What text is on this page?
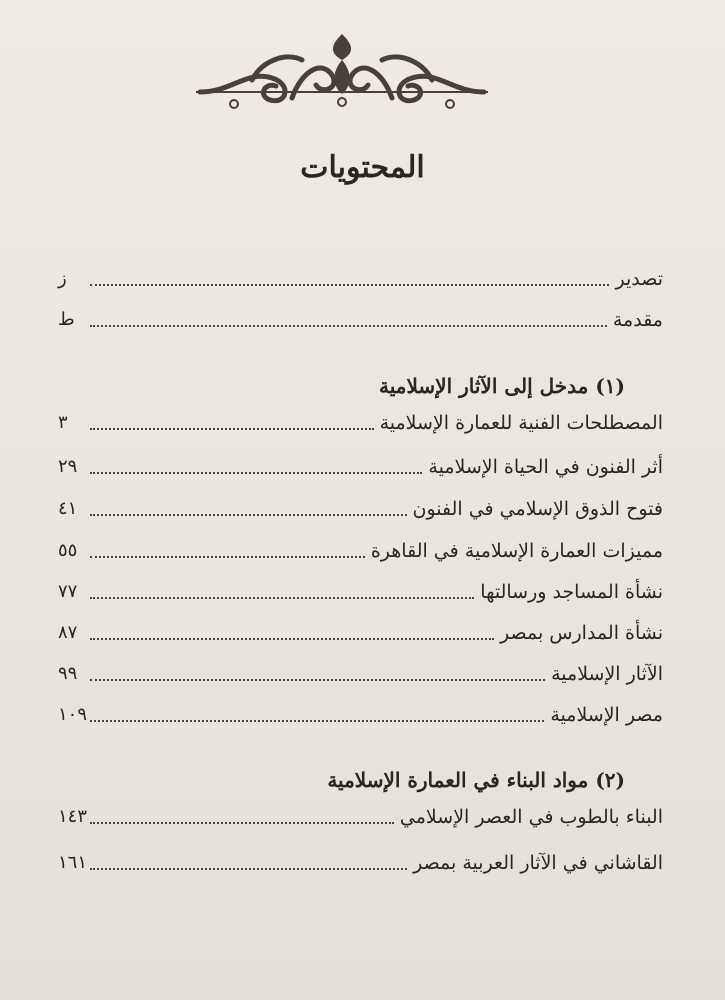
المحتويات
تصدير
ز
مقدمة
ط
(١) مدخل إلى الآثار الإسلامية
المصطلحات الفنية للعمارة الإسلامية
٣
أثر الفنون في الحياة الإسلامية
٢٩
فتوح الذوق الإسلامي في الفنون
٤١
مميزات العمارة الإسلامية في القاهرة
٥٥
نشأة المساجد ورسالتها
٧٧
نشأة المدارس بمصر
٨٧
الآثار الإسلامية
٩٩
مصر الإسلامية
١٠٩
(٢) مواد البناء في العمارة الإسلامية
البناء بالطوب في العصر الإسلامي
١٤٣
القاشاني في الآثار العربية بمصر
١٦١
